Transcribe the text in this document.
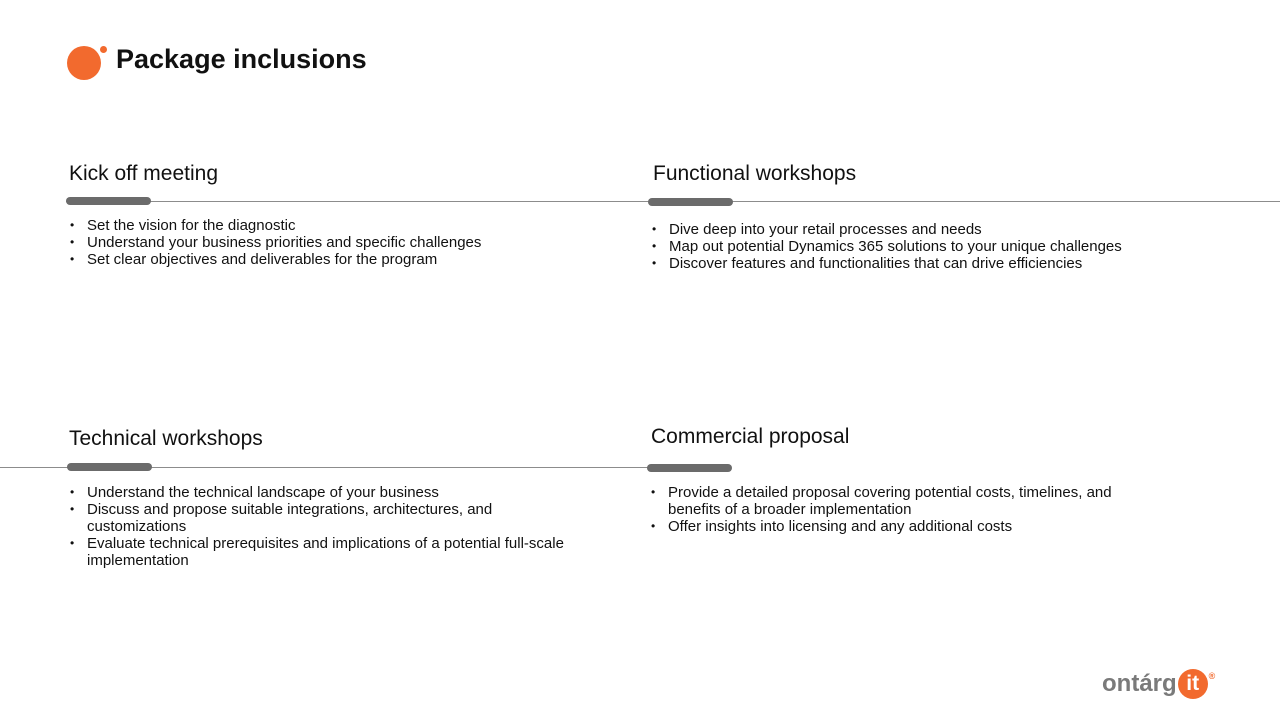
Package inclusions
Kick off meeting
• Set the vision for the diagnostic
• Understand your business priorities and specific challenges
• Set clear objectives and deliverables for the program
Functional workshops
• Dive deep into your retail processes and needs
• Map out potential Dynamics 365 solutions to your unique challenges
• Discover features and functionalities that can drive efficiencies
Technical workshops
• Understand the technical landscape of your business
• Discuss and propose suitable integrations, architectures, and customizations
• Evaluate technical prerequisites and implications of a potential full-scale implementation
Commercial proposal
• Provide a detailed proposal covering potential costs, timelines, and benefits of a broader implementation
• Offer insights into licensing and any additional costs
ontárg it	®
